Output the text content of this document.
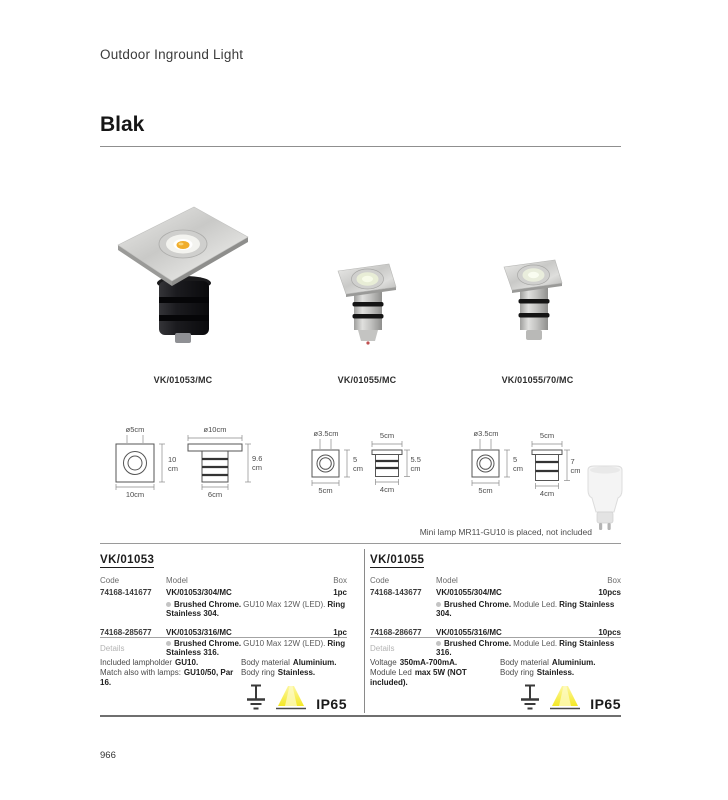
Outdoor Inground Light
Blak
VK/01053/MC	VK/01055/MC	VK/01055/70/MC
ø5cm
10
cm
10cm
ø10cm
9.6
cm
6cm
ø3.5cm
5
cm
5cm
5cm
5.5
cm
4cm
ø3.5cm
5
cm
5cm
5cm
7
cm
4cm
Mini lamp MR11-GU10 is placed, not included
VK/01053
Code	Model	Box
74168-141677	VK/01053/304/MC	1pc
Brushed Chrome. GU10 Max 12W (LED). Ring Stainless 304.
74168-285677	VK/01053/316/MC	1pc
Brushed Chrome. GU10 Max 12W (LED). Ring Stainless 316.
Details
Included lampholder GU10.
Match also with lamps: GU10/50, Par 16.
Body material Aluminium.
Body ring Stainless.
IP65
VK/01055
Code	Model	Box
74168-143677	VK/01055/304/MC	10pcs
Brushed Chrome. Module Led. Ring Stainless 304.
74168-286677	VK/01055/316/MC	10pcs
Brushed Chrome. Module Led. Ring Stainless 316.
Details
Voltage 350mA-700mA.
Module Led max 5W (NOT included).
Body material Aluminium.
Body ring Stainless.
IP65
966
